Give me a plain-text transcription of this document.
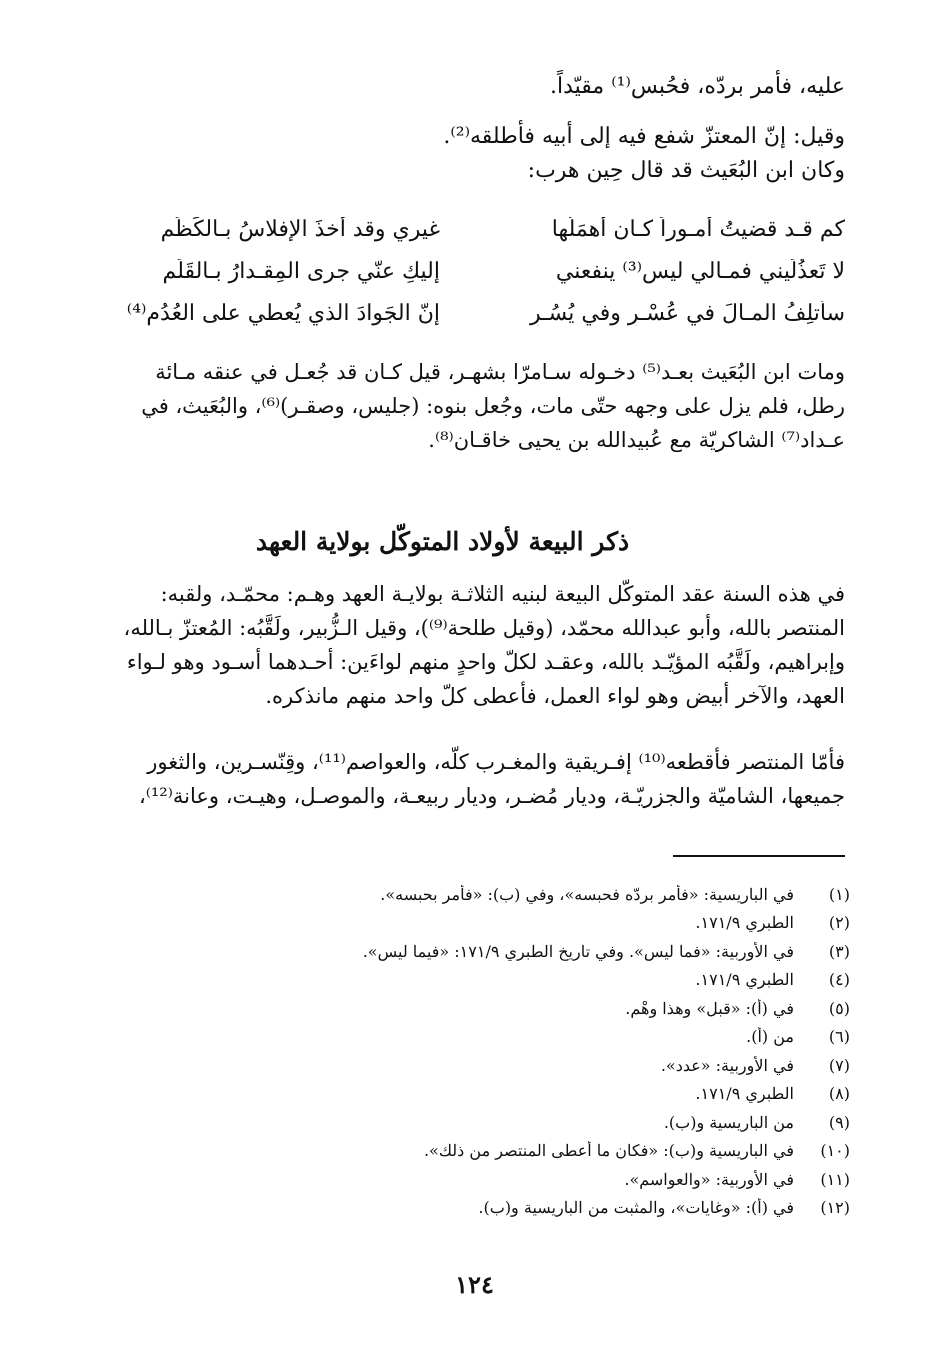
عليه، فأمر بردّه، فحُبس⁽¹⁾ مقيّداً.
وقيل: إنّ المعتزّ شفع فيه إلى أبيه فأطلقه⁽²⁾.
وكان ابن البُعَيث قد قال حِين هرب:
كم قـد قضيتُ أمـوراً كـان أهمَلُها
غيري وقد أخذَ الإفلاسُ بـالكَظَم
لا تَعذُلَيني فمـالي ليس⁽³⁾ ينفعني
إليكِ عنّي جرى المِقـدارُ بـالقَلَم
سأُتلِفُ المـالَ في عُسْـرٍ وفي يُسُـرٍ
إنّ الجَوادَ الذي يُعطي على العُدُم⁽⁴⁾
ومات ابن البُعَيث بعـد⁽⁵⁾ دخـوله سـامرّا بشهـر، قيل كـان قد جُعـل في عنقه مـائة
رطل، فلم يزل على وجهه حتّى مات، وجُعل بنوه: (جليس، وصقـر)⁽⁶⁾، والبُعَيث، في
عـداد⁽⁷⁾ الشاكريّة مع عُبيدالله بن يحيى خاقـان⁽⁸⁾.
ذكر البيعة لأولاد المتوكّل بولاية العهد
في هذه السنة عقد المتوكّل البيعة لبنيه الثلاثـة بولايـة العهد وهـم: محمّـد، ولقبه:
المنتصر بالله، وأبو عبدالله محمّد، (وقيل طلحة⁽⁹⁾)، وقيل الـزُّبير، ولَقَّبُه: المُعتزّ بـالله،
وإبراهيم، ولَقَّبُه المؤيّـد بالله، وعقـد لكلّ واحدٍ منهم لواءَين: أحـدهما أسـود وهو لـواء
العهد، والآخر أبيض وهو لواء العمل، فأعطى كلّ واحد منهم مانذكره.
فأمّا المنتصر فأقطعه⁽¹⁰⁾ إفـريقية والمغـرب كلّه، والعواصم⁽¹¹⁾، وقِنّسـرين، والثغور
جميعها، الشاميّة والجزريّـة، وديار مُضـر، وديار ربيعـة، والموصـل، وهيـت، وعانة⁽¹²⁾،
(١)
في الباريسية: «فأمر بردّه فحبسه»، وفي (ب): «فأمر بحبسه».
(٢)
الطبري ١٧١/٩.
(٣)
في الأوربية: «فما ليس». وفي تاريخ الطبري ١٧١/٩: «فيما ليس».
(٤)
الطبري ١٧١/٩.
(٥)
في (أ): «قبل» وهذا وهْم.
(٦)
من (أ).
(٧)
في الأوربية: «عدد».
(٨)
الطبري ١٧١/٩.
(٩)
من الباريسية و(ب).
(١٠)
في الباريسية و(ب): «فكان ما أعطى المنتصر من ذلك».
(١١)
في الأوربية: «والعواسم».
(١٢)
في (أ): «وغايات»، والمثبت من الباريسية و(ب).
١٢٤
